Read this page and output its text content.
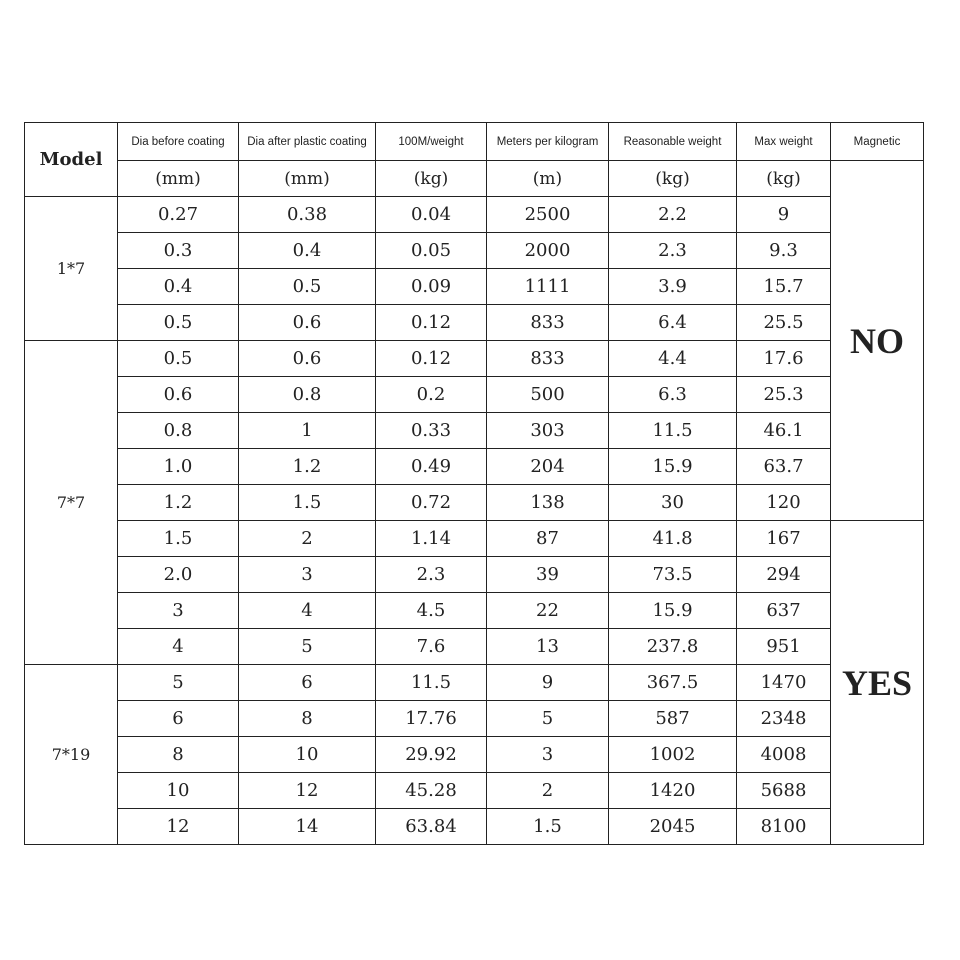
Model	Dia before coating	Dia after plastic coating	100M/weight	Meters per kilogram	Reasonable weight	Max weight	Magnetic
	(mm)	(mm)	(kg)	(m)	(kg)	(kg)	NO
1*7	0.27	0.38	0.04	2500	2.2	9	
	0.3	0.4	0.05	2000	2.3	9.3	
	0.4	0.5	0.09	1111	3.9	15.7	
	0.5	0.6	0.12	833	6.4	25.5	
7*7	0.5	0.6	0.12	833	4.4	17.6	
	0.6	0.8	0.2	500	6.3	25.3	
	0.8	1	0.33	303	11.5	46.1	
	1.0	1.2	0.49	204	15.9	63.7	
	1.2	1.5	0.72	138	30	120	
	1.5	2	1.14	87	41.8	167	YES
	2.0	3	2.3	39	73.5	294	
	3	4	4.5	22	15.9	637	
	4	5	7.6	13	237.8	951	
7*19	5	6	11.5	9	367.5	1470	
	6	8	17.76	5	587	2348	
	8	10	29.92	3	1002	4008	
	10	12	45.28	2	1420	5688	
	12	14	63.84	1.5	2045	8100	
